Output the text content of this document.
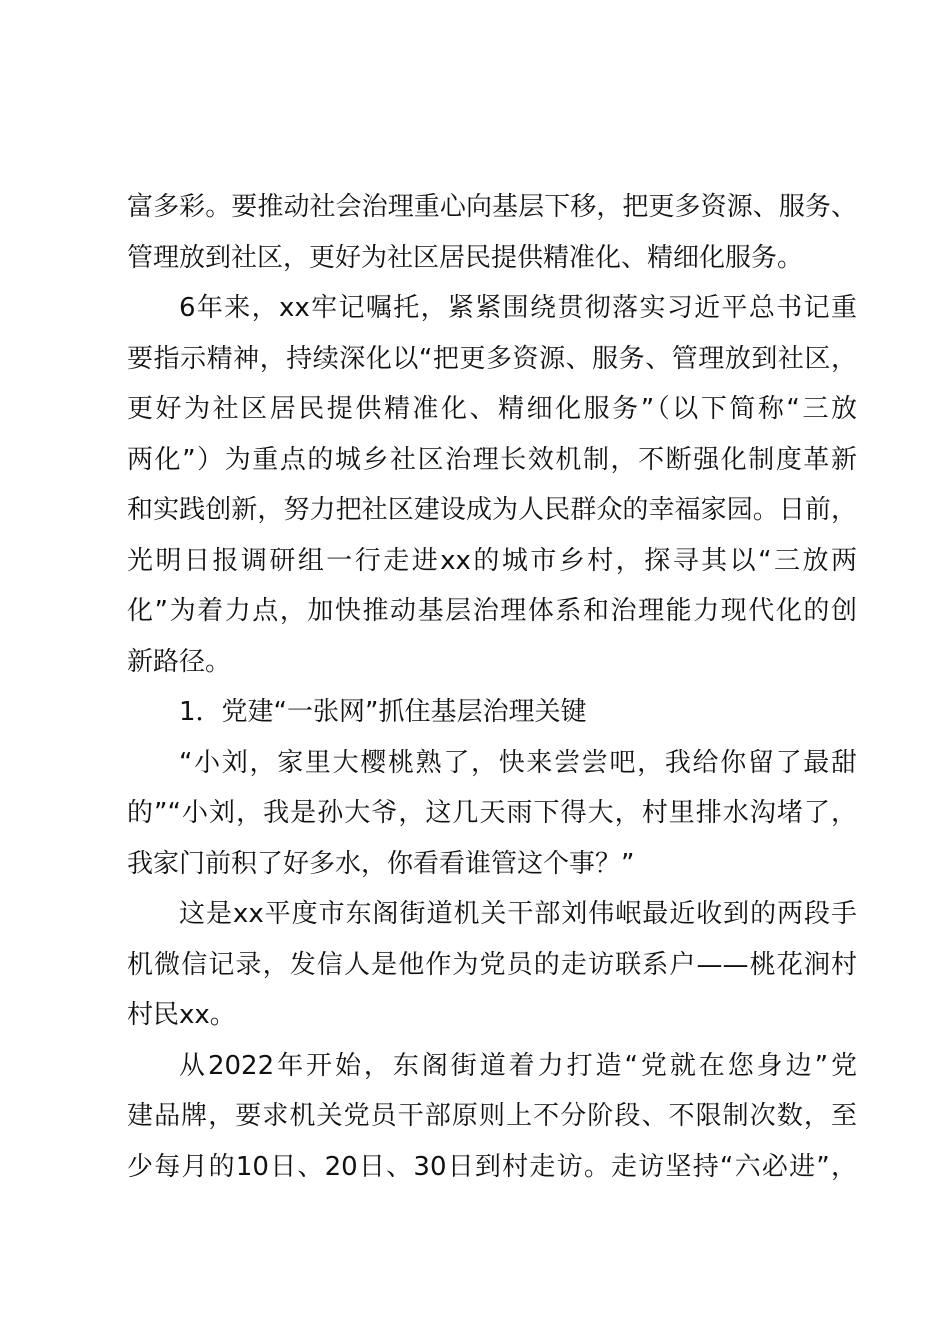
富多彩。要推动社会治理重心向基层下移，把更多资源、服务、
管理放到社区，更好为社区居民提供精准化、精细化服务。
6年来，xx牢记嘱托，紧紧围绕贯彻落实习近平总书记重
要指示精神，持续深化以“把更多资源、服务、管理放到社区，
更好为社区居民提供精准化、精细化服务”（以下简称“三放
两化”）为重点的城乡社区治理长效机制，不断强化制度革新
和实践创新，努力把社区建设成为人民群众的幸福家园。日前，
光明日报调研组一行走进xx的城市乡村，探寻其以“三放两
化”为着力点，加快推动基层治理体系和治理能力现代化的创
新路径。
1．党建“一张网”抓住基层治理关键
“小刘，家里大樱桃熟了，快来尝尝吧，我给你留了最甜
的”“小刘，我是孙大爷，这几天雨下得大，村里排水沟堵了，
我家门前积了好多水，你看看谁管这个事？”
这是xx平度市东阁街道机关干部刘伟岷最近收到的两段手
机微信记录，发信人是他作为党员的走访联系户——桃花涧村
村民xx。
从2022年开始，东阁街道着力打造“党就在您身边”党
建品牌，要求机关党员干部原则上不分阶段、不限制次数，至
少每月的10日、20日、30日到村走访。走访坚持“六必进”，
